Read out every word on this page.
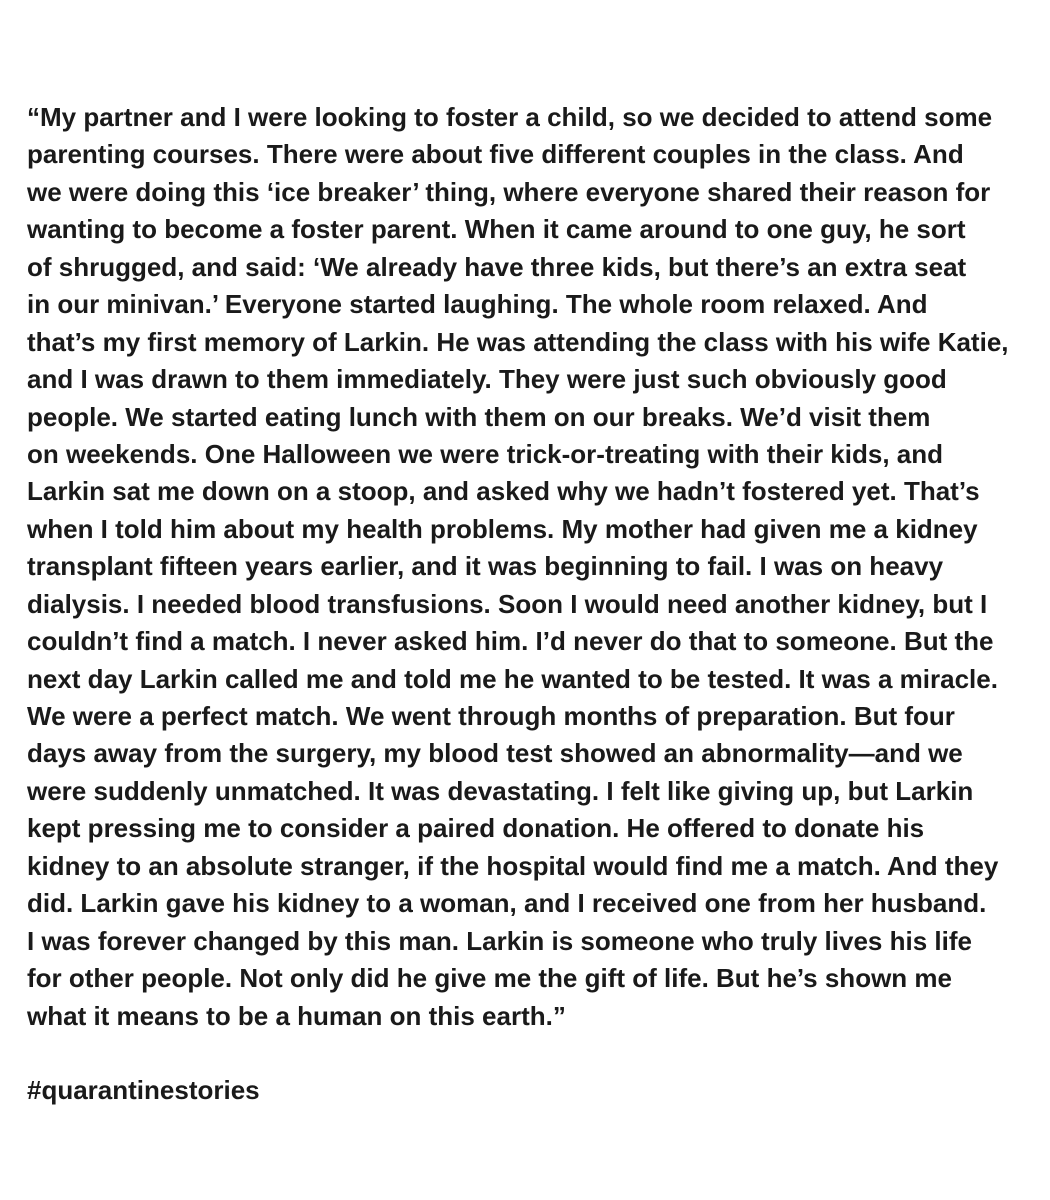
“My partner and I were looking to foster a child, so we decided to attend some
parenting courses. There were about five different couples in the class. And
we were doing this ‘ice breaker’ thing, where everyone shared their reason for
wanting to become a foster parent. When it came around to one guy, he sort
of shrugged, and said: ‘We already have three kids, but there’s an extra seat
in our minivan.’ Everyone started laughing. The whole room relaxed. And
that’s my first memory of Larkin. He was attending the class with his wife Katie,
and I was drawn to them immediately. They were just such obviously good
people. We started eating lunch with them on our breaks. We’d visit them
on weekends. One Halloween we were trick-or-treating with their kids, and
Larkin sat me down on a stoop, and asked why we hadn’t fostered yet. That’s
when I told him about my health problems. My mother had given me a kidney
transplant fifteen years earlier, and it was beginning to fail. I was on heavy
dialysis. I needed blood transfusions. Soon I would need another kidney, but I
couldn’t find a match. I never asked him. I’d never do that to someone. But the
next day Larkin called me and told me he wanted to be tested. It was a miracle.
We were a perfect match. We went through months of preparation. But four
days away from the surgery, my blood test showed an abnormality—and we
were suddenly unmatched. It was devastating. I felt like giving up, but Larkin
kept pressing me to consider a paired donation. He offered to donate his
kidney to an absolute stranger, if the hospital would find me a match. And they
did. Larkin gave his kidney to a woman, and I received one from her husband.
I was forever changed by this man. Larkin is someone who truly lives his life
for other people. Not only did he give me the gift of life. But he’s shown me
what it means to be a human on this earth.”

#quarantinestories
